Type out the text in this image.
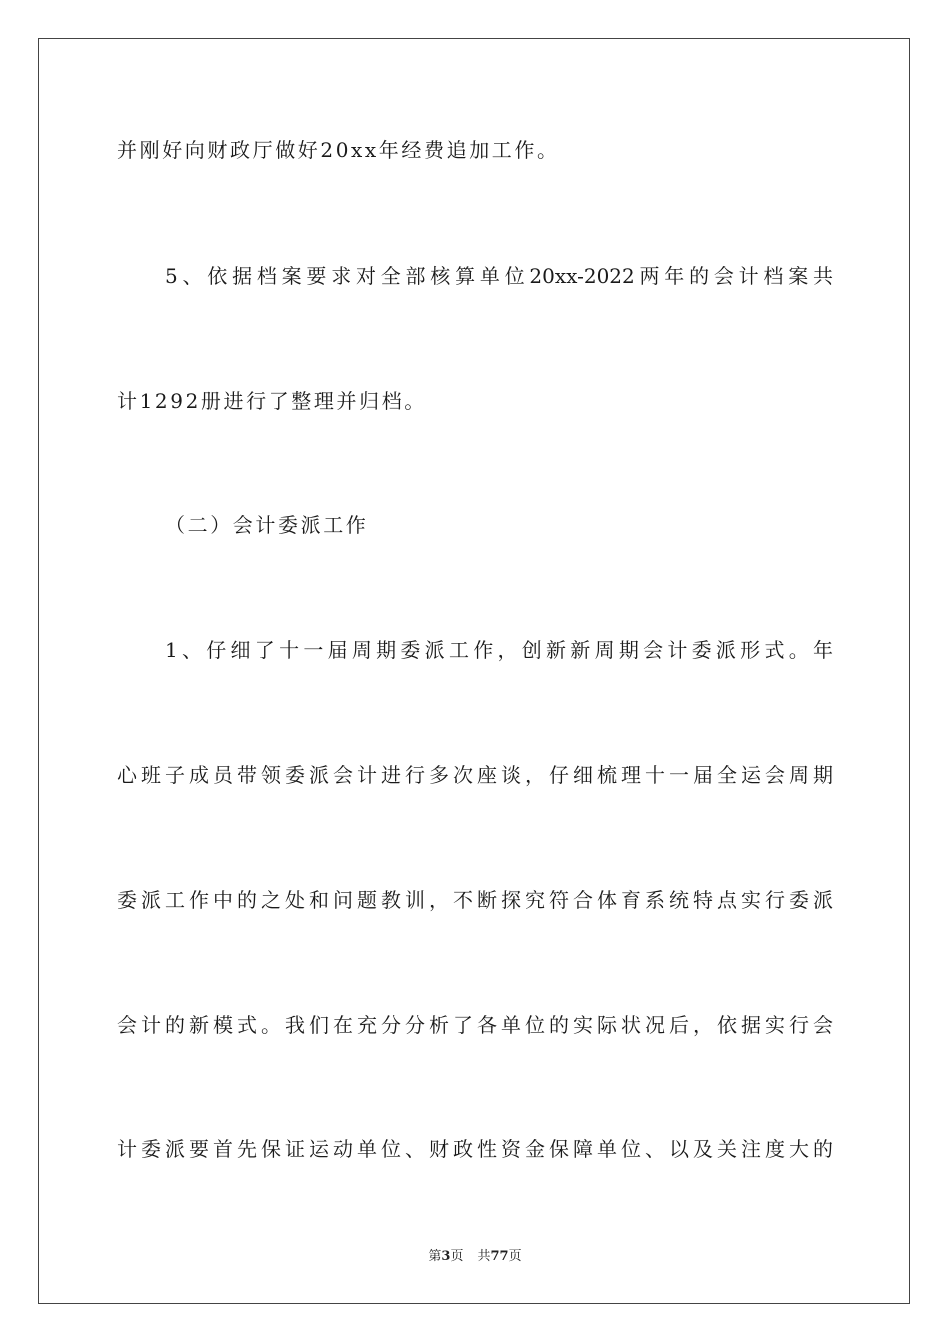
并刚好向财政厅做好20xx年经费追加工作。
5、依据档案要求对全部核算单位20xx-2022两年的会计档案共
计1292册进行了整理并归档。
（二）会计委派工作
1、仔细了十一届周期委派工作，创新新周期会计委派形式。年
心班子成员带领委派会计进行多次座谈，仔细梳理十一届全运会周期
委派工作中的之处和问题教训，不断探究符合体育系统特点实行委派
会计的新模式。我们在充分分析了各单位的实际状况后，依据实行会
计委派要首先保证运动单位、财政性资金保障单位、以及关注度大的
第3页 共77页
